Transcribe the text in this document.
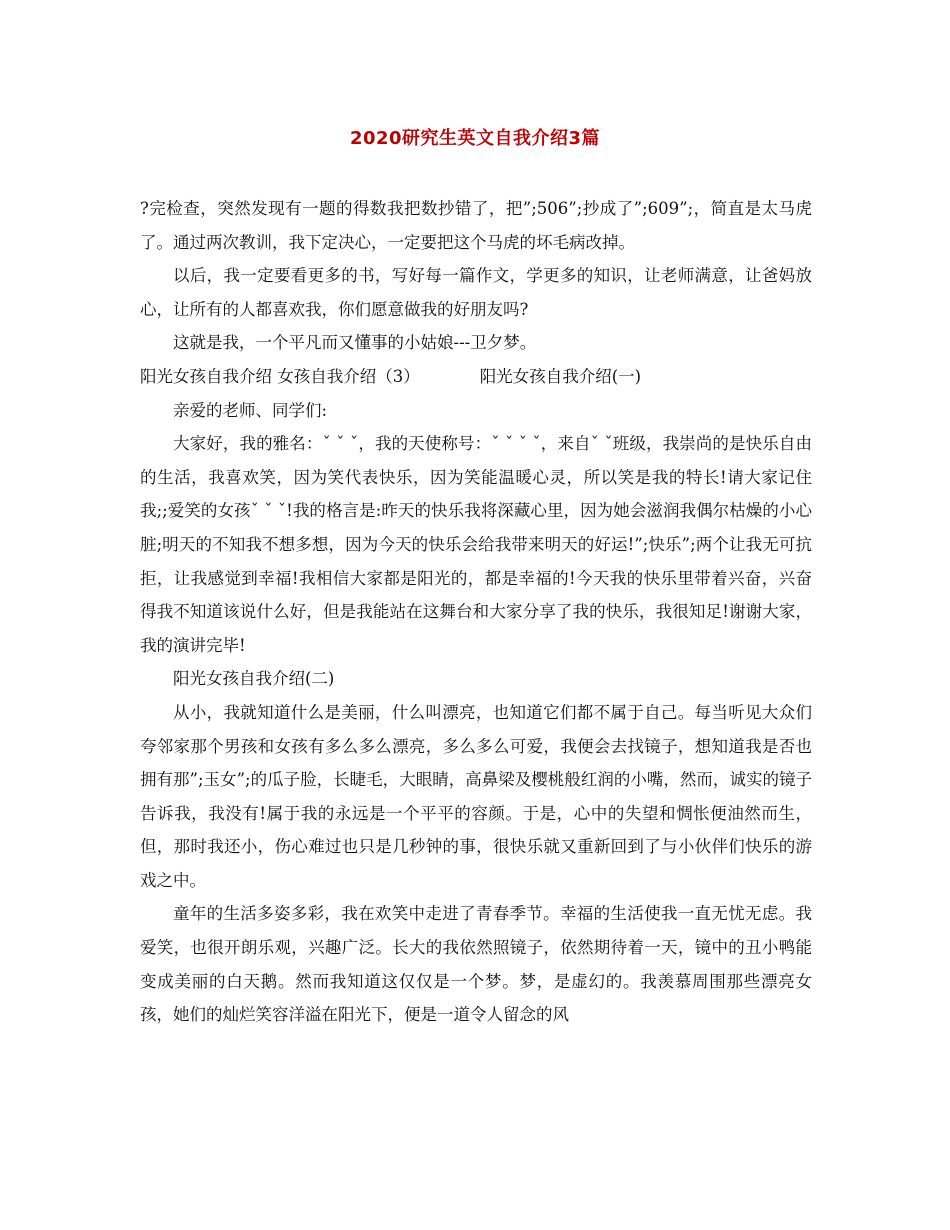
2020研究生英文自我介绍3篇

?完检查，突然发现有一题的得数我把数抄错了，把”;506”;抄成了”;609”;，简直是太马虎了。通过两次教训，我下定决心，一定要把这个马虎的坏毛病改掉。

以后，我一定要看更多的书，写好每一篇作文，学更多的知识，让老师满意，让爸妈放心，让所有的人都喜欢我，你们愿意做我的好朋友吗?

这就是我，一个平凡而又懂事的小姑娘---卫夕梦。

阳光女孩自我介绍 女孩自我介绍（3）	阳光女孩自我介绍(一)

亲爱的老师、同学们:

大家好，我的雅名：ˇ ˇ ˇ，我的天使称号：ˇ ˇ ˇ ˇ，来自ˇ ˇ班级，我崇尚的是快乐自由的生活，我喜欢笑，因为笑代表快乐，因为笑能温暖心灵，所以笑是我的特长!请大家记住我;;爱笑的女孩ˇ ˇ ˇ!我的格言是:昨天的快乐我将深藏心里，因为她会滋润我偶尔枯燥的小心脏;明天的不知我不想多想，因为今天的快乐会给我带来明天的好运!”;快乐”;两个让我无可抗拒，让我感觉到幸福!我相信大家都是阳光的，都是幸福的!今天我的快乐里带着兴奋，兴奋得我不知道该说什么好，但是我能站在这舞台和大家分享了我的快乐，我很知足!谢谢大家，我的演讲完毕!

阳光女孩自我介绍(二)

从小，我就知道什么是美丽，什么叫漂亮，也知道它们都不属于自己。每当听见大众们夸邻家那个男孩和女孩有多么多么漂亮，多么多么可爱，我便会去找镜子，想知道我是否也拥有那”;玉女”;的瓜子脸，长睫毛，大眼睛，高鼻梁及樱桃般红润的小嘴，然而，诚实的镜子告诉我，我没有!属于我的永远是一个平平的容颜。于是，心中的失望和惆怅便油然而生，但，那时我还小，伤心难过也只是几秒钟的事，很快乐就又重新回到了与小伙伴们快乐的游戏之中。

童年的生活多姿多彩，我在欢笑中走进了青春季节。幸福的生活使我一直无忧无虑。我爱笑，也很开朗乐观，兴趣广泛。长大的我依然照镜子，依然期待着一天，镜中的丑小鸭能变成美丽的白天鹅。然而我知道这仅仅是一个梦。梦，是虚幻的。我羡慕周围那些漂亮女孩，她们的灿烂笑容洋溢在阳光下，便是一道令人留念的风
